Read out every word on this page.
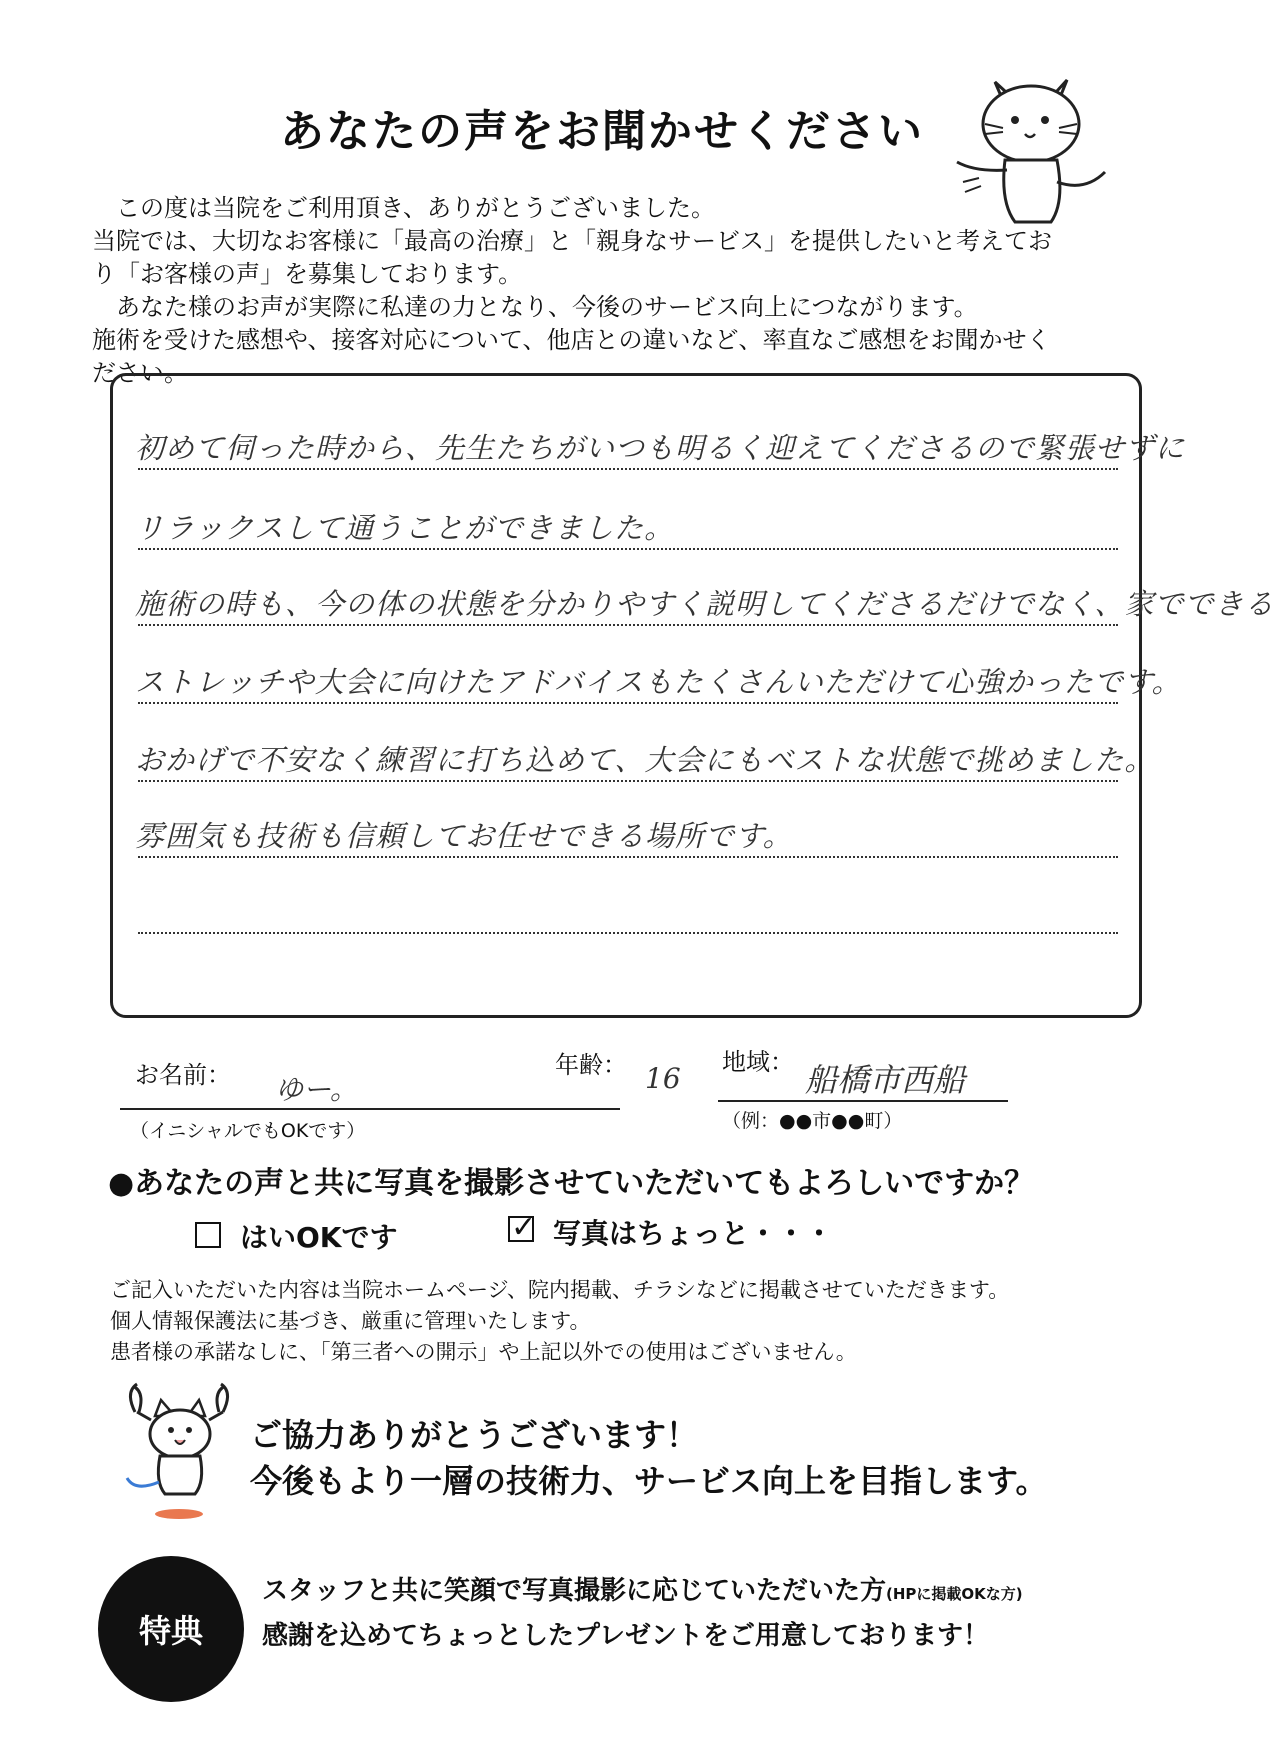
あなたの声をお聞かせください
この度は当院をご利用頂き、ありがとうございました。
当院では、大切なお客様に「最高の治療」と「親身なサービス」を提供したいと考えてお
り「お客様の声」を募集しております。
あなた様のお声が実際に私達の力となり、今後のサービス向上につながります。
施術を受けた感想や、接客対応について、他店との違いなど、率直なご感想をお聞かせく
ださい。
初めて伺った時から、先生たちがいつも明るく迎えてくださるので緊張せずに
リラックスして通うことができました。
施術の時も、今の体の状態を分かりやすく説明してくださるだけでなく、家でできる
ストレッチや大会に向けたアドバイスもたくさんいただけて心強かったです。
おかげで不安なく練習に打ち込めて、大会にもベストな状態で挑めました。
雰囲気も技術も信頼してお任せできる場所です。
お名前： ゆー。
（イニシャルでもOKです）
年齢： 16 地域： 船橋市西船
（例：●●市●●町）
●あなたの声と共に写真を撮影させていただいてもよろしいですか？
はいOKです	✓ 写真はちょっと・・・
ご記入いただいた内容は当院ホームページ、院内掲載、チラシなどに掲載させていただきます。
個人情報保護法に基づき、厳重に管理いたします。
患者様の承諾なしに、「第三者への開示」や上記以外での使用はございません。
ご協力ありがとうございます！
今後もより一層の技術力、サービス向上を目指します。
特典
スタッフと共に笑顔で写真撮影に応じていただいた方(HPに掲載OKな方)
感謝を込めてちょっとしたプレゼントをご用意しております！
